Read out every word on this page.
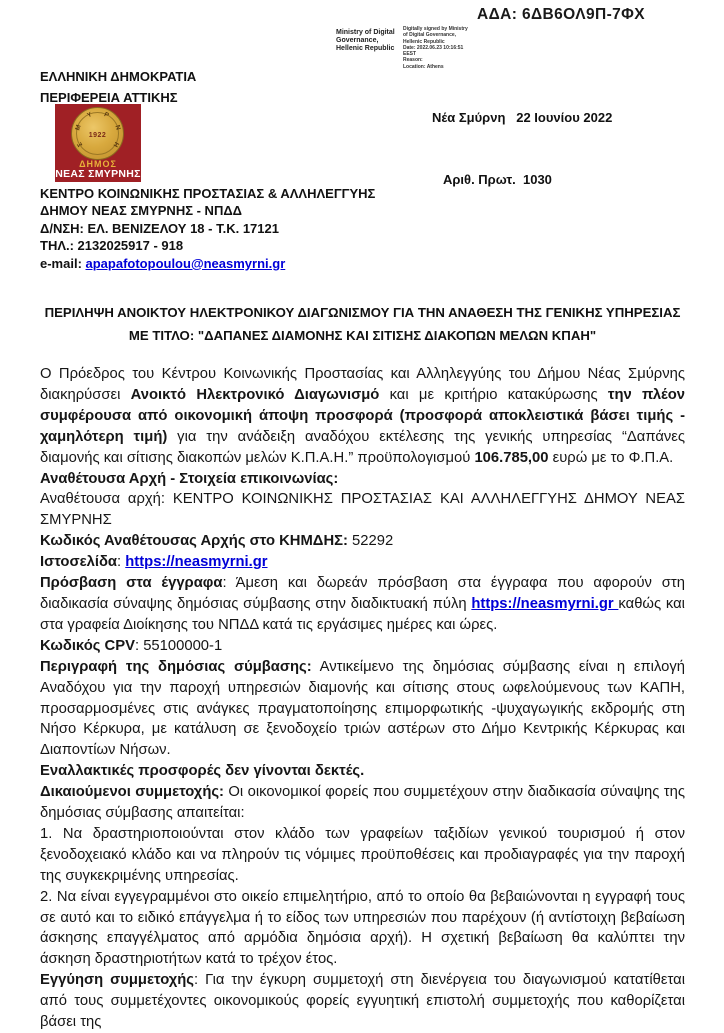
ΑΔΑ: 6ΔΒ6ΟΛ9Π-7ΦΧ
Ministry of Digital Governance, Hellenic Republic
Digitally signed by Ministry
of Digital Governance,
Hellenic Republic
Date: 2022.06.23 10:16:51
EEST
Reason:
Location: Athens
ΕΛΛΗΝΙΚΗ ΔΗΜΟΚΡΑΤΙΑ
ΠΕΡΙΦΕΡΕΙΑ ΑΤΤΙΚΗΣ

Νέα Σμύρνη   22 Ιουνίου 2022

Αριθ. Πρωτ.  1030

1922
Σ
Μ
Υ Ρ
Ν
Η
ΔΗΜΟΣ
ΝΕΑΣ ΣΜΥΡΝΗΣ
ΚΕΝΤΡΟ ΚΟΙΝΩΝΙΚΗΣ ΠΡΟΣΤΑΣΙΑΣ & ΑΛΛΗΛΕΓΓΥΗΣ
ΔΗΜΟΥ ΝΕΑΣ ΣΜΥΡΝΗΣ - ΝΠΔΔ
Δ/ΝΣΗ: ΕΛ. ΒΕΝΙΖΕΛΟΥ 18 - Τ.Κ. 17121
ΤΗΛ.: 2132025917 - 918
e-mail: apapafotopoulou@neasmyrni.gr
ΠΕΡΙΛΗΨΗ ΑΝΟΙΚΤΟΥ ΗΛΕΚΤΡΟΝΙΚΟΥ ΔΙΑΓΩΝΙΣΜΟΥ ΓΙΑ ΤΗΝ ΑΝΑΘΕΣΗ ΤΗΣ ΓΕΝΙΚΗΣ ΥΠΗΡΕΣΙΑΣ
ΜΕ ΤΙΤΛΟ: "ΔΑΠΑΝΕΣ ΔΙΑΜΟΝΗΣ ΚΑΙ ΣΙΤΙΣΗΣ ΔΙΑΚΟΠΩΝ ΜΕΛΩΝ ΚΠΑΗ"

Ο Πρόεδρος του Κέντρου Κοινωνικής Προστασίας και Αλληλεγγύης του Δήμου Νέας Σμύρνης διακηρύσσει Ανοικτό Ηλεκτρονικό Διαγωνισμό και με κριτήριο κατακύρωσης την πλέον συμφέρουσα από οικονομική άποψη προσφορά (προσφορά αποκλειστικά βάσει τιμής - χαμηλότερη τιμή) για την ανάδειξη αναδόχου εκτέλεσης της γενικής υπηρεσίας “Δαπάνες διαμονής και σίτισης διακοπών μελών Κ.Π.Α.Η.” προϋπολογισμού 106.785,00 ευρώ με το Φ.Π.Α.

Αναθέτουσα Αρχή - Στοιχεία επικοινωνίας:

Αναθέτουσα αρχή: ΚΕΝΤΡΟ ΚΟΙΝΩΝΙΚΗΣ ΠΡΟΣΤΑΣΙΑΣ ΚΑΙ ΑΛΛΗΛΕΓΓΥΗΣ ΔΗΜΟΥ ΝΕΑΣ ΣΜΥΡΝΗΣ

Κωδικός Αναθέτουσας Αρχής στο ΚΗΜΔΗΣ: 52292

Ιστοσελίδα: https://neasmyrni.gr

Πρόσβαση στα έγγραφα: Άμεση και δωρεάν πρόσβαση στα έγγραφα που αφορούν στη διαδικασία σύναψης δημόσιας σύμβασης στην διαδικτυακή πύλη https://neasmyrni.gr καθώς και στα γραφεία Διοίκησης του ΝΠΔΔ κατά τις εργάσιμες ημέρες και ώρες.

Κωδικός CPV: 55100000-1

Περιγραφή της δημόσιας σύμβασης: Αντικείμενο της δημόσιας σύμβασης είναι η επιλογή Αναδόχου για την παροχή υπηρεσιών διαμονής και σίτισης στους ωφελούμενους των ΚΑΠΗ, προσαρμοσμένες στις ανάγκες πραγματοποίησης επιμορφωτικής -ψυχαγωγικής εκδρομής στη Νήσο Κέρκυρα, με κατάλυση σε ξενοδοχείο τριών αστέρων στο Δήμο Κεντρικής Κέρκυρας και Διαποντίων Νήσων.

Εναλλακτικές προσφορές δεν γίνονται δεκτές.

Δικαιούμενοι συμμετοχής: Οι οικονομικοί φορείς που συμμετέχουν στην διαδικασία σύναψης της δημόσιας σύμβασης απαιτείται:

1. Να δραστηριοποιούνται στον κλάδο των γραφείων ταξιδίων γενικού τουρισμού ή στον ξενοδοχειακό κλάδο και να πληρούν τις νόμιμες προϋποθέσεις και προδιαγραφές για την παροχή της συγκεκριμένης υπηρεσίας.

2. Να είναι εγγεγραμμένοι στο οικείο επιμελητήριο, από το οποίο θα βεβαιώνονται η εγγραφή τους σε αυτό και το ειδικό επάγγελμα ή το είδος των υπηρεσιών που παρέχουν (ή αντίστοιχη βεβαίωση άσκησης επαγγέλματος από αρμόδια δημόσια αρχή). Η σχετική βεβαίωση θα καλύπτει την άσκηση δραστηριοτήτων κατά το τρέχον έτος.

Εγγύηση συμμετοχής: Για την έγκυρη συμμετοχή στη διενέργεια του διαγωνισμού κατατίθεται από τους συμμετέχοντες οικονομικούς φορείς εγγυητική επιστολή συμμετοχής που καθορίζεται βάσει της
